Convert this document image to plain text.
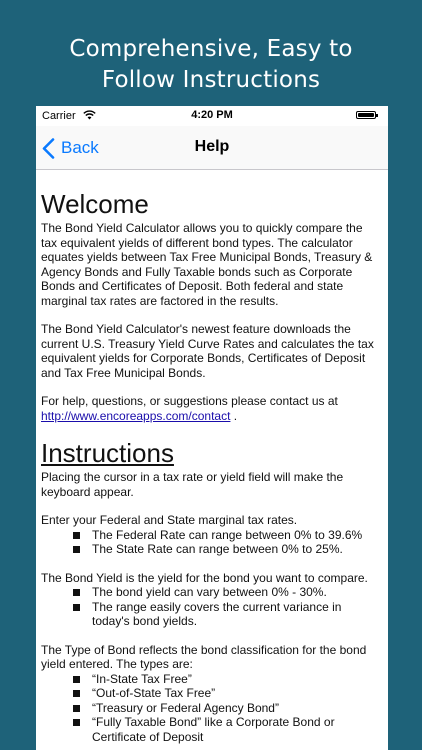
Comprehensive, Easy to
Follow Instructions
Carrier	4:20 PM
Back	Help
Welcome

The Bond Yield Calculator allows you to quickly compare the tax equivalent yields of different bond types. The calculator equates yields between Tax Free Municipal Bonds, Treasury & Agency Bonds and Fully Taxable bonds such as Corporate Bonds and Certificates of Deposit. Both federal and state marginal tax rates are factored in the results.

The Bond Yield Calculator's newest feature downloads the current U.S. Treasury Yield Curve Rates and calculates the tax equivalent yields for Corporate Bonds, Certificates of Deposit and Tax Free Municipal Bonds.

For help, questions, or suggestions please contact us at
http://www.encoreapps.com/contact .

Instructions

Placing the cursor in a tax rate or yield field will make the keyboard appear.

Enter your Federal and State marginal tax rates.

The Federal Rate can range between 0% to 39.6%
The State Rate can range between 0% to 25%.

The Bond Yield is the yield for the bond you want to compare.

The bond yield can vary between 0% - 30%.
The range easily covers the current variance in today's bond yields.

The Type of Bond reflects the bond classification for the bond yield entered. The types are:

“In-State Tax Free”
“Out-of-State Tax Free”
“Treasury or Federal Agency Bond”
“Fully Taxable Bond” like a Corporate Bond or Certificate of Deposit
